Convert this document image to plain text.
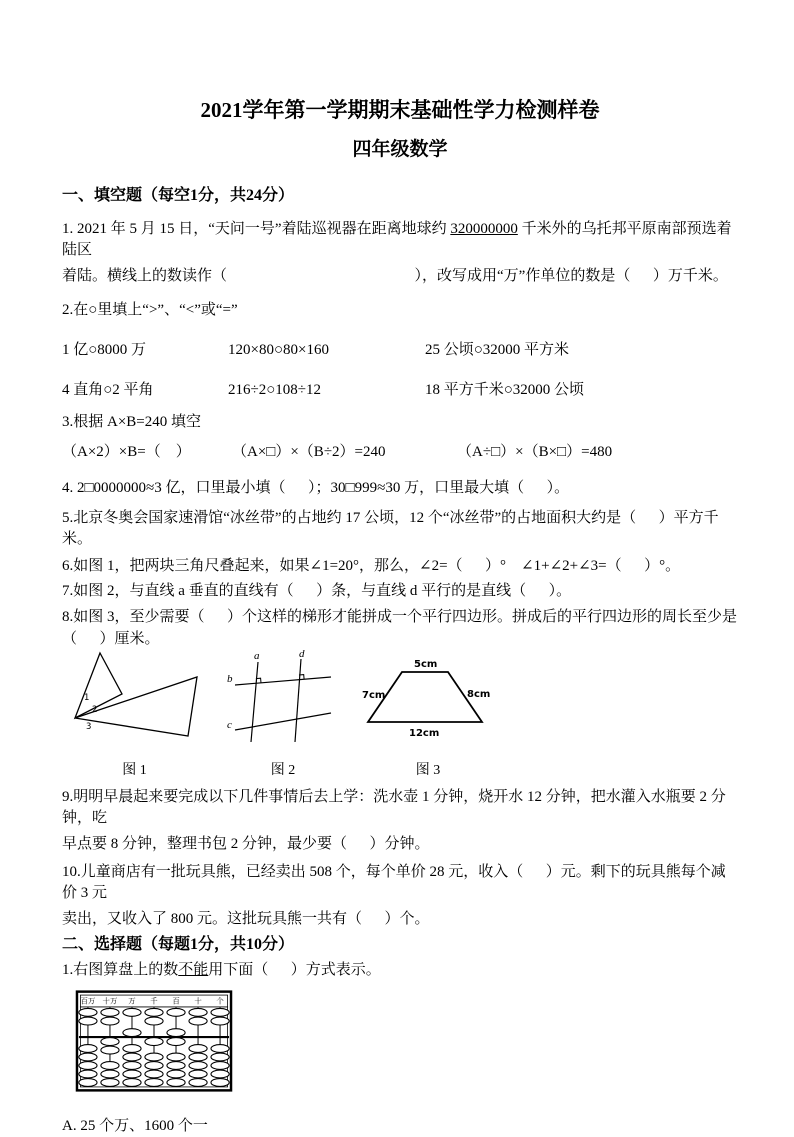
2021学年第一学期期末基础性学力检测样卷
四年级数学
一、填空题（每空1分，共24分）
1. 2021 年 5 月 15 日，“天问一号”着陆巡视器在距离地球约 320000000 千米外的乌托邦平原南部预选着陆区
着陆。横线上的数读作（                                                  ），改写成用“万”作单位的数是（      ）万千米。
2.在○里填上“>”、“<”或“=”
1 亿○8000 万	120×80○80×160	25 公顷○32000 平方米
4 直角○2 平角	216÷2○108÷12	18 平方千米○32000 公顷
3.根据 A×B=240 填空
（A×2）×B=（    ）	（A×□）×（B÷2）=240	（A÷□）×（B×□）=480
4. 2□0000000≈3 亿，口里最小填（      ）；30□999≈30 万，口里最大填（      ）。
5.北京冬奥会国家速滑馆“冰丝带”的占地约 17 公顷，12 个“冰丝带”的占地面积大约是（      ）平方千米。
6.如图 1，把两块三角尺叠起来，如果∠1=20°，那么，∠2=（      ）°    ∠1+∠2+∠3=（      ）°。
7.如图 2，与直线 a 垂直的直线有（      ）条，与直线 d 平行的是直线（      ）。
8.如图 3，至少需要（      ）个这样的梯形才能拼成一个平行四边形。拼成后的平行四边形的周长至少是
（      ）厘米。
1
2
3
图 1
a
b
c
d
图 2
5cm
7cm	8cm
12cm
图 3
9.明明早晨起来要完成以下几件事情后去上学：洗水壶 1 分钟，烧开水 12 分钟，把水灌入水瓶要 2 分钟，吃
早点要 8 分钟，整理书包 2 分钟，最少要（      ）分钟。
10.儿童商店有一批玩具熊，已经卖出 508 个，每个单价 28 元，收入（      ）元。剩下的玩具熊每个减价 3 元
卖出，又收入了 800 元。这批玩具熊一共有（      ）个。
二、选择题（每题1分，共10分）
1.右图算盘上的数不能用下面（      ）方式表示。
百万 十万 万 千 百 十 个
A. 25 个万、1600 个一
